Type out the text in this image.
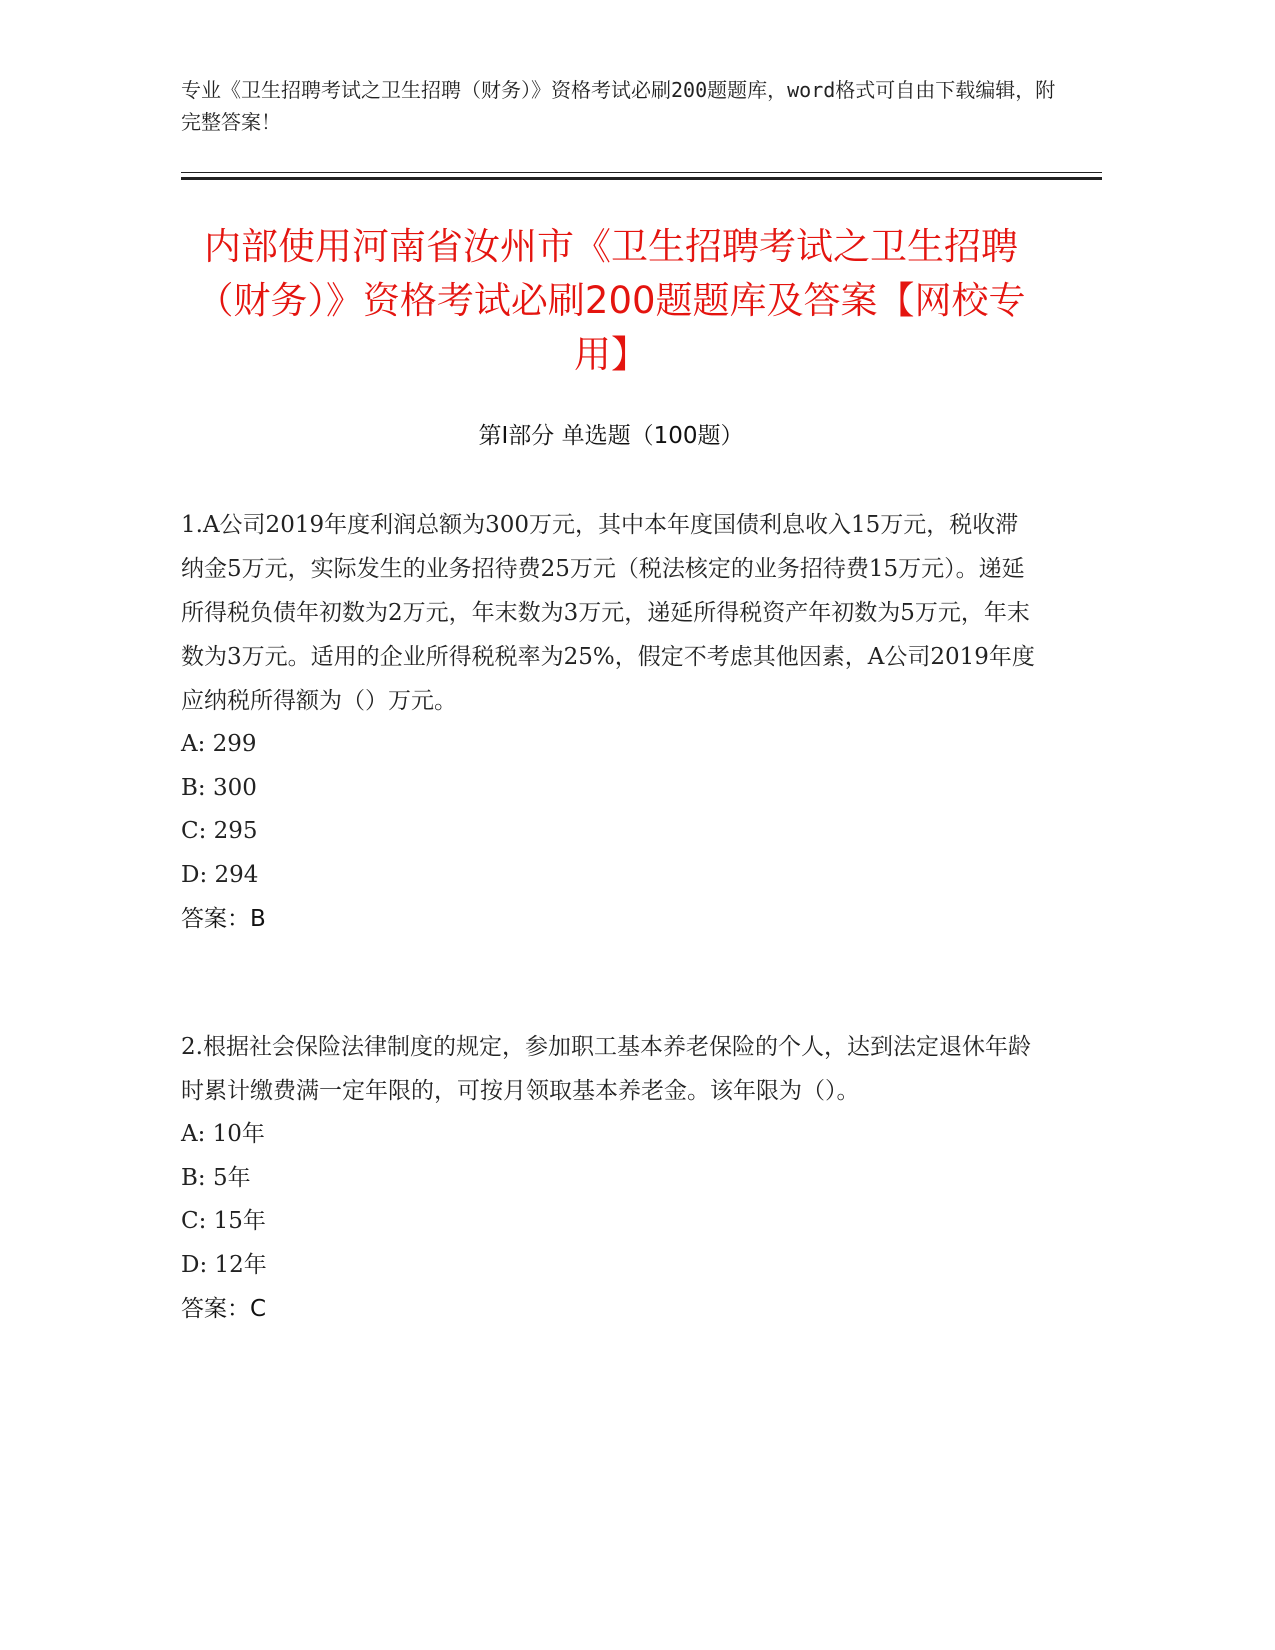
专业《卫生招聘考试之卫生招聘（财务）》资格考试必刷200题题库，word格式可自由下载编辑，附完整答案！
内部使用河南省汝州市《卫生招聘考试之卫生招聘（财务）》资格考试必刷200题题库及答案【网校专用】
第Ⅰ部分 单选题（100题）

1.A公司2019年度利润总额为300万元，其中本年度国债利息收入15万元，税收滞纳金5万元，实际发生的业务招待费25万元（税法核定的业务招待费15万元）。递延所得税负债年初数为2万元，年末数为3万元，递延所得税资产年初数为5万元，年末数为3万元。适用的企业所得税税率为25%，假定不考虑其他因素，A公司2019年度应纳税所得额为（）万元。

A: 299
B: 300
C: 295
D: 294
答案：B

2.根据社会保险法律制度的规定，参加职工基本养老保险的个人，达到法定退休年龄时累计缴费满一定年限的，可按月领取基本养老金。该年限为（）。

A: 10年
B: 5年
C: 15年
D: 12年
答案：C
